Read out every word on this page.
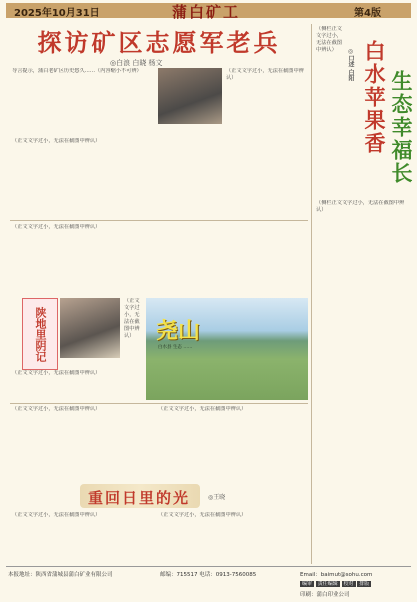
2025年10月31日	蒲白矿工	第4版
探访矿区志愿军老兵
◎白浪 白晓 杨文
导言提示，蒲白老矿区历史悠久……（内容缩小不可辨）	（正文文字过小，无法在截图中辨认）
（正文文字过小，无法在截图中辨认）
（正文文字过小，无法在截图中辨认）
白水苹果香 生态幸福长
◎口述 白阳
（侧栏正文文字过小，无法在截图中辨认）
（侧栏正文文字过小，无法在截图中辨认）
陕地里阴记
（正文文字过小，无法在截图中辨认）
（正文文字过小，无法在截图中辨认） 尧山
白水县 生态 ……
（正文文字过小，无法在截图中辨认）	（正文文字过小，无法在截图中辨认）
重回日里的光	◎王晓
（正文文字过小，无法在截图中辨认）	（正文文字过小，无法在截图中辨认）
本报地址：陕西省蒲城县蒲白矿业有限公司	邮编：715517 电话：0913-7560085	Email：baimut@sohu.com
编审 责任编辑 校对 排版
印刷：蒲白印业公司
